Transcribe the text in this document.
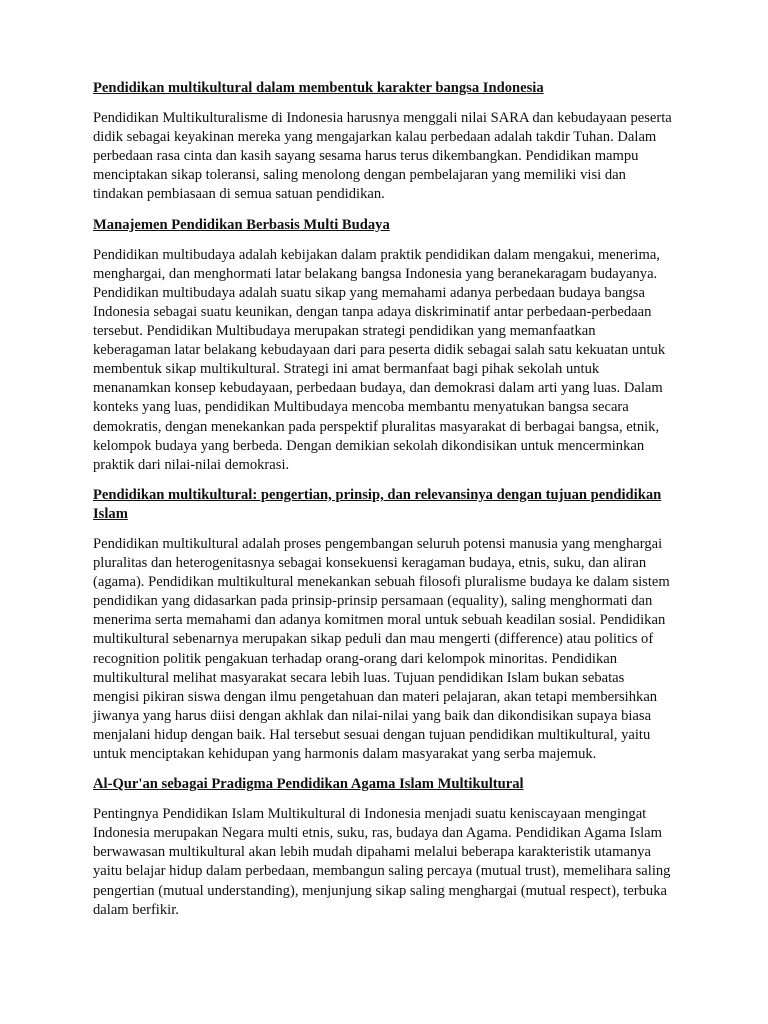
Pendidikan multikultural dalam membentuk karakter bangsa Indonesia
Pendidikan Multikulturalisme di Indonesia harusnya menggali nilai SARA dan kebudayaan peserta didik sebagai keyakinan mereka yang mengajarkan kalau perbedaan adalah takdir Tuhan. Dalam perbedaan rasa cinta dan kasih sayang sesama harus terus dikembangkan. Pendidikan mampu menciptakan sikap toleransi, saling menolong dengan pembelajaran yang memiliki visi dan tindakan pembiasaan di semua satuan pendidikan.
Manajemen Pendidikan Berbasis Multi Budaya
Pendidikan multibudaya adalah kebijakan dalam praktik pendidikan dalam mengakui, menerima, menghargai, dan menghormati latar belakang bangsa Indonesia yang beranekaragam budayanya. Pendidikan multibudaya adalah suatu sikap yang memahami adanya perbedaan budaya bangsa Indonesia sebagai suatu keunikan, dengan tanpa adaya diskriminatif antar perbedaan-perbedaan tersebut. Pendidikan Multibudaya merupakan strategi pendidikan yang memanfaatkan keberagaman latar belakang kebudayaan dari para peserta didik sebagai salah satu kekuatan untuk membentuk sikap multikultural. Strategi ini amat bermanfaat bagi pihak sekolah untuk menanamkan konsep kebudayaan, perbedaan budaya, dan demokrasi dalam arti yang luas. Dalam konteks yang luas, pendidikan Multibudaya mencoba membantu menyatukan bangsa secara demokratis, dengan menekankan pada perspektif pluralitas masyarakat di berbagai bangsa, etnik, kelompok budaya yang berbeda. Dengan demikian sekolah dikondisikan untuk mencerminkan praktik dari nilai-nilai demokrasi.
Pendidikan multikultural: pengertian, prinsip, dan relevansinya dengan tujuan pendidikan Islam
Pendidikan multikultural adalah proses pengembangan seluruh potensi manusia yang menghargai pluralitas dan heterogenitasnya sebagai konsekuensi keragaman budaya, etnis, suku, dan aliran (agama). Pendidikan multikultural menekankan sebuah filosofi pluralisme budaya ke dalam sistem pendidikan yang didasarkan pada prinsip-prinsip persamaan (equality), saling menghormati dan menerima serta memahami dan adanya komitmen moral untuk sebuah keadilan sosial. Pendidikan multikultural sebenarnya merupakan sikap peduli dan mau mengerti (difference) atau politics of recognition politik pengakuan terhadap orang-orang dari kelompok minoritas. Pendidikan multikultural melihat masyarakat secara lebih luas. Tujuan pendidikan Islam bukan sebatas mengisi pikiran siswa dengan ilmu pengetahuan dan materi pelajaran, akan tetapi membersihkan jiwanya yang harus diisi dengan akhlak dan nilai-nilai yang baik dan dikondisikan supaya biasa menjalani hidup dengan baik. Hal tersebut sesuai dengan tujuan pendidikan multikultural, yaitu untuk menciptakan kehidupan yang harmonis dalam masyarakat yang serba majemuk.
Al-Qur'an sebagai Pradigma Pendidikan Agama Islam Multikultural
Pentingnya Pendidikan Islam Multikultural di Indonesia menjadi suatu keniscayaan mengingat Indonesia merupakan Negara multi etnis, suku, ras, budaya dan Agama. Pendidikan Agama Islam berwawasan multikultural akan lebih mudah dipahami melalui beberapa karakteristik utamanya yaitu belajar hidup dalam perbedaan, membangun saling percaya (mutual trust), memelihara saling pengertian (mutual understanding), menjunjung sikap saling menghargai (mutual respect), terbuka dalam berfikir.
